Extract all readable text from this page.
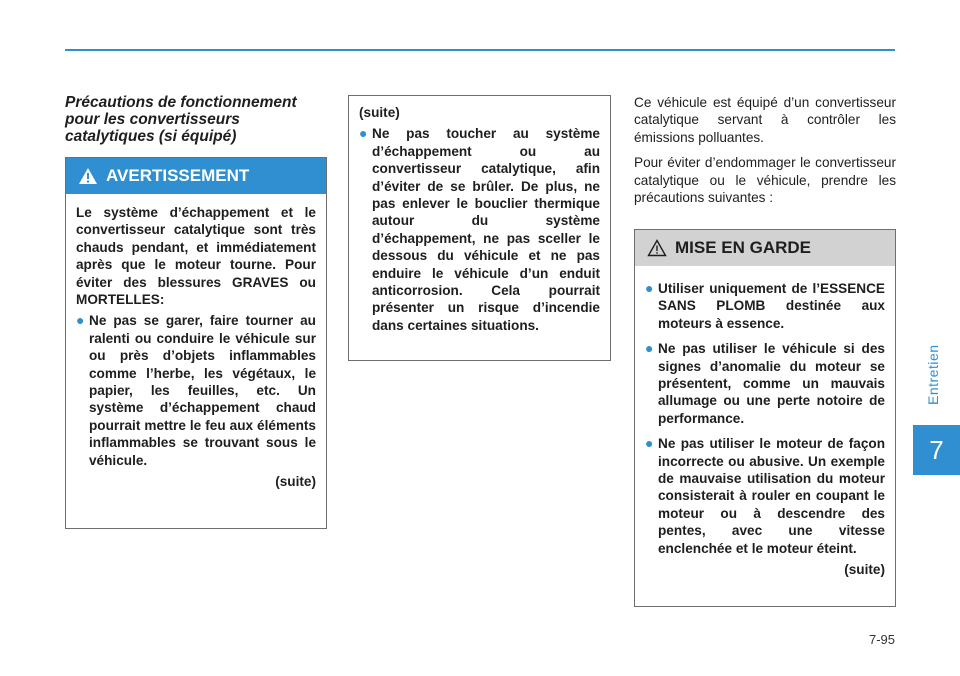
Précautions de fonctionnement pour les convertisseurs catalytiques (si équipé)
AVERTISSEMENT

Le système d’échappement et le convertisseur catalytique sont très chauds pendant, et immédiatement après que le moteur tourne. Pour éviter des blessures GRAVES ou MORTELLES:

● Ne pas se garer, faire tourner au ralenti ou conduire le véhicule sur ou près d’objets inflammables comme l’herbe, les végétaux, le papier, les feuilles, etc. Un système d’échappement chaud pourrait mettre le feu aux éléments inflammables se trouvant sous le véhicule.
(suite)
(suite)
● Ne pas toucher au système d’échappement ou au convertisseur catalytique, afin d’éviter de se brûler. De plus, ne pas enlever le bouclier thermique autour du système d’échappement, ne pas sceller le dessous du véhicule et ne pas enduire le véhicule d’un enduit anticorrosion. Cela pourrait présenter un risque d’incendie dans certaines situations.

Ce véhicule est équipé d’un convertisseur catalytique servant à contrôler les émissions polluantes.

Pour éviter d’endommager le convertisseur catalytique ou le véhicule, prendre les précautions suivantes :

MISE EN GARDE
● Utiliser uniquement de l’ESSENCE SANS PLOMB destinée aux moteurs à essence.
● Ne pas utiliser le véhicule si des signes d’anomalie du moteur se présentent, comme un mauvais allumage ou une perte notoire de performance.
● Ne pas utiliser le moteur de façon incorrecte ou abusive. Un exemple de mauvaise utilisation du moteur consisterait à rouler en coupant le moteur ou à descendre des pentes, avec une vitesse enclenchée et le moteur éteint.
(suite)
Entretien
7
7-95
